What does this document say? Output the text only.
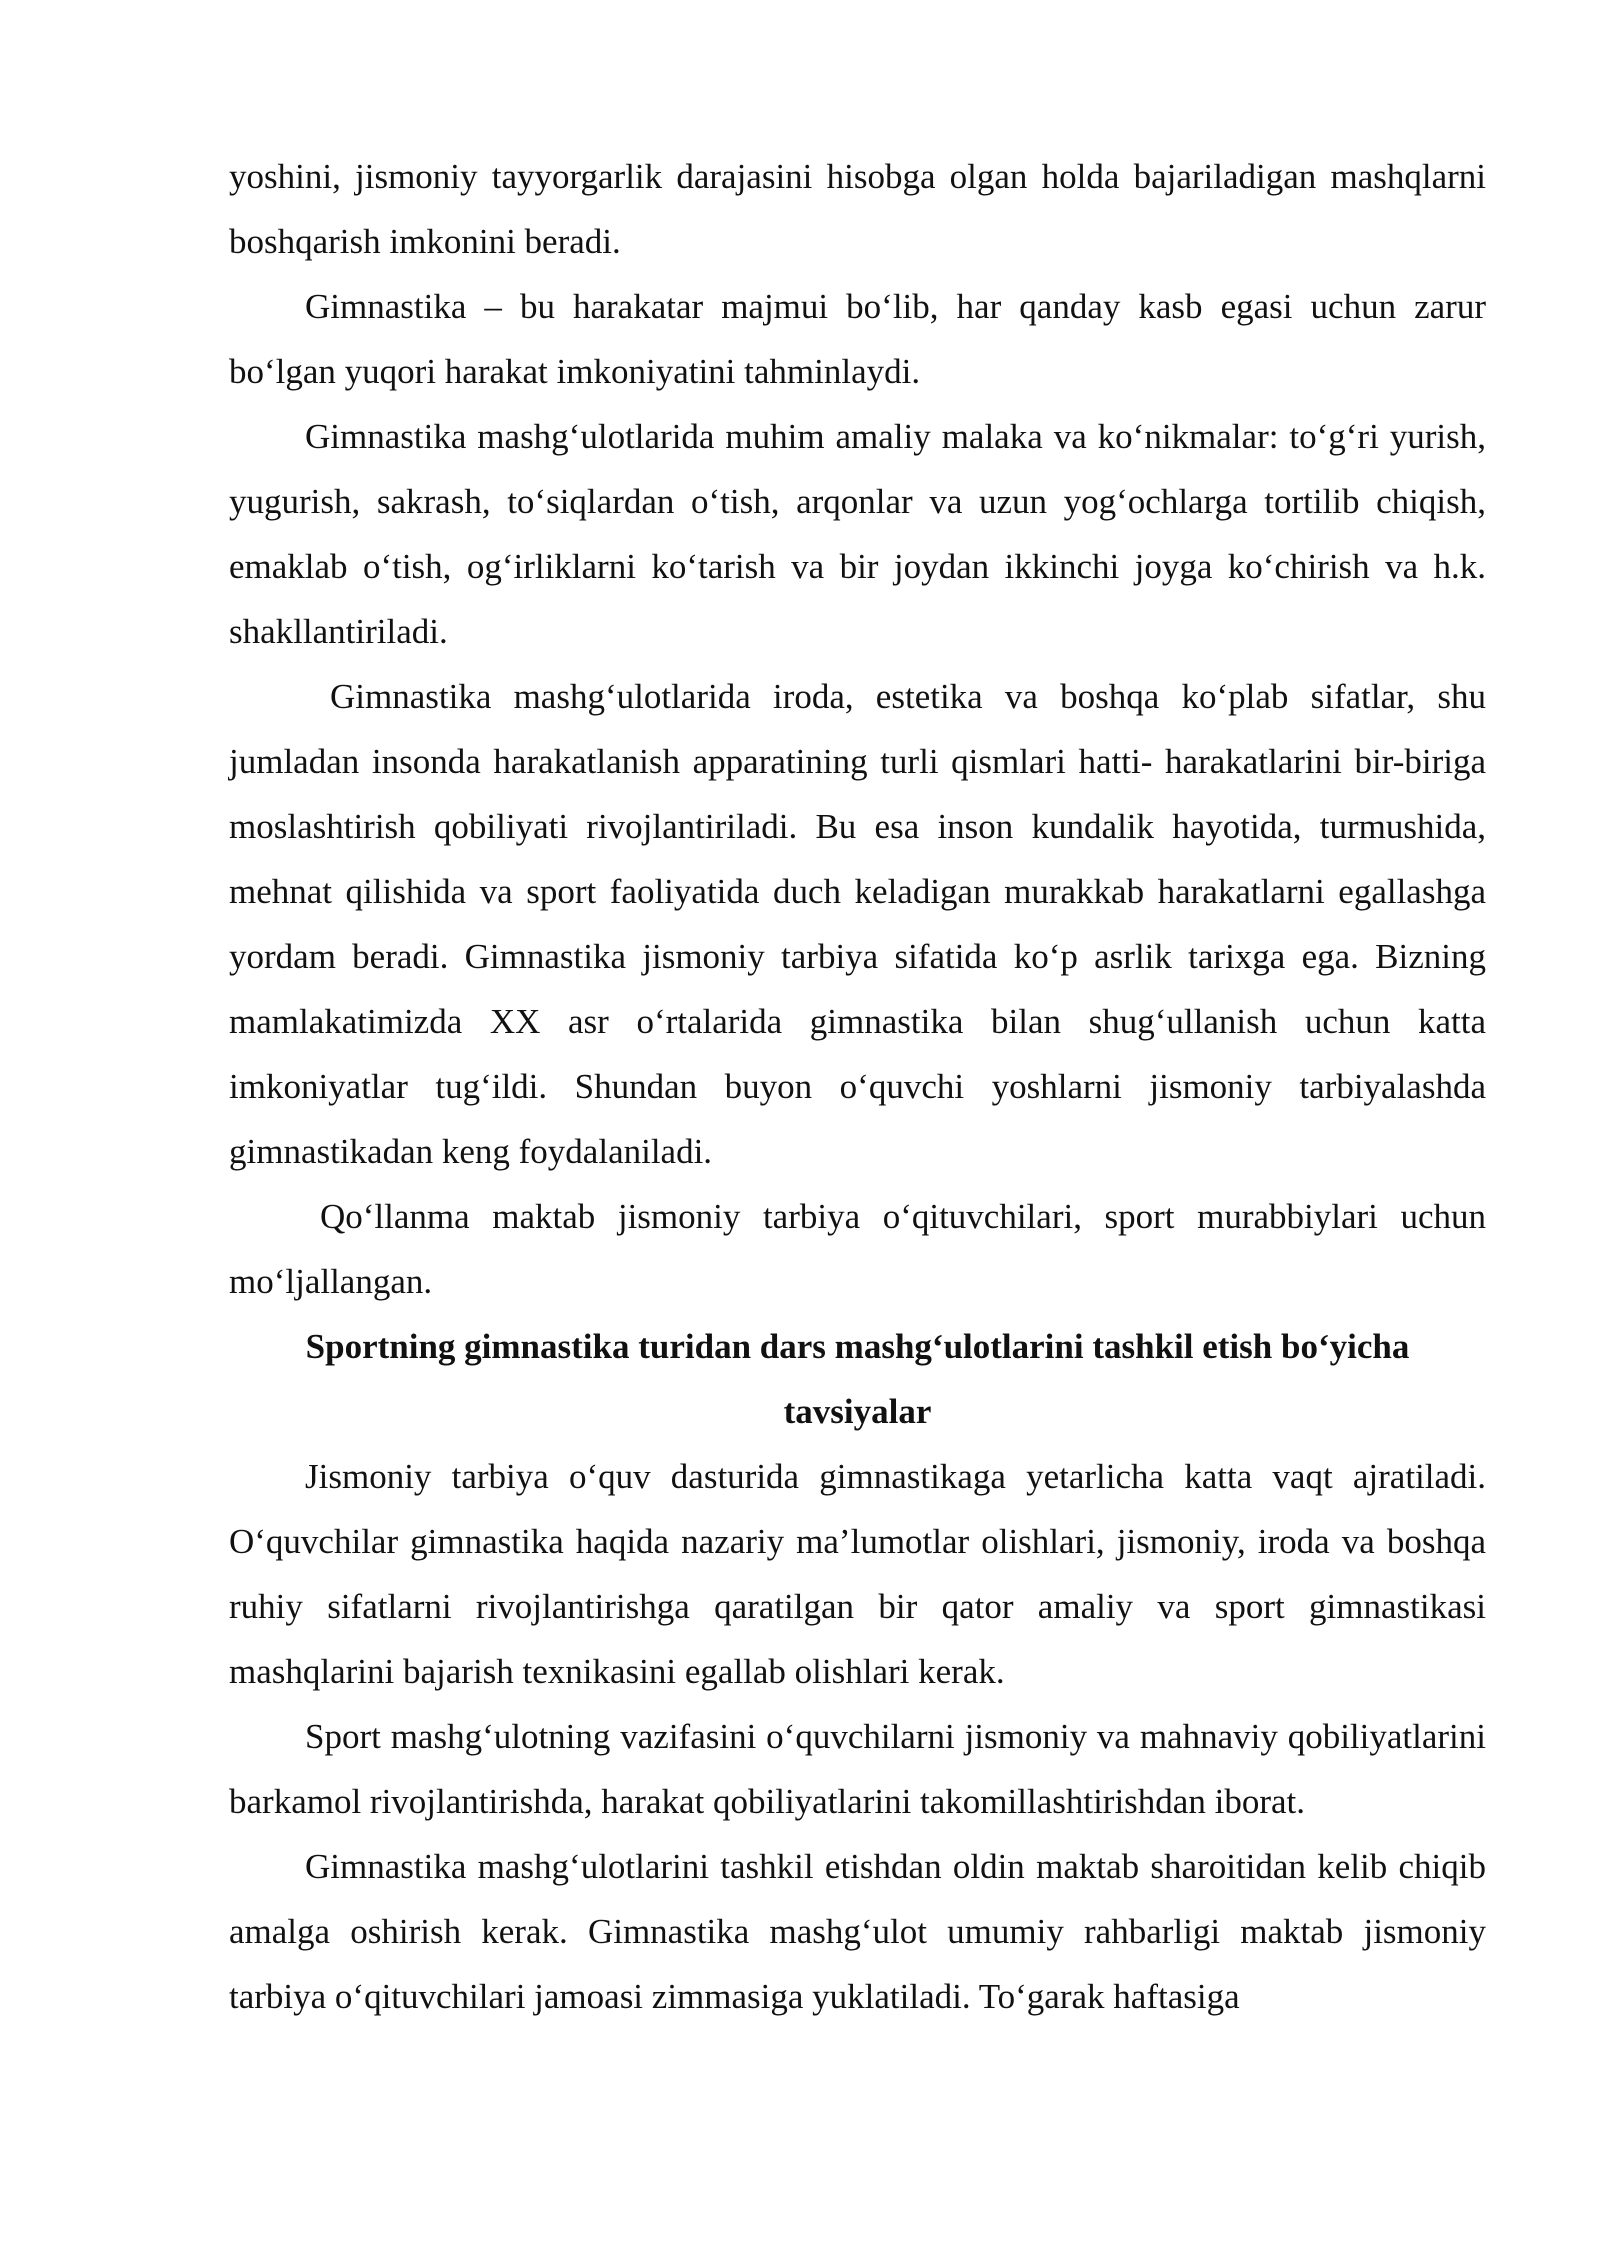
yoshini, jismoniy tayyorgarlik darajasini hisobga olgan holda bajariladigan mashqlarni boshqarish imkonini beradi.

Gimnastika – bu harakatar majmui bo‘lib, har qanday kasb egasi uchun zarur bo‘lgan yuqori harakat imkoniyatini tahminlaydi.

Gimnastika mashg‘ulotlarida muhim amaliy malaka va ko‘nikmalar: to‘g‘ri yurish, yugurish, sakrash, to‘siqlardan o‘tish, arqonlar va uzun yog‘ochlarga tortilib chiqish, emaklab o‘tish, og‘irliklarni ko‘tarish va bir joydan ikkinchi joyga ko‘chirish va h.k. shakllantiriladi.

Gimnastika mashg‘ulotlarida iroda, estetika va boshqa ko‘plab sifatlar, shu jumladan insonda harakatlanish apparatining turli qismlari hatti- harakatlarini bir-biriga moslashtirish qobiliyati rivojlantiriladi. Bu esa inson kundalik hayotida, turmushida, mehnat qilishida va sport faoliyatida duch keladigan murakkab harakatlarni egallashga yordam beradi. Gimnastika jismoniy tarbiya sifatida ko‘p asrlik tarixga ega. Bizning mamlakatimizda XX asr o‘rtalarida gimnastika bilan shug‘ullanish uchun katta imkoniyatlar tug‘ildi. Shundan buyon o‘quvchi yoshlarni jismoniy tarbiyalashda gimnastikadan keng foydalaniladi.

Qo‘llanma maktab jismoniy tarbiya o‘qituvchilari, sport murabbiylari uchun mo‘ljallangan.

Sportning gimnastika turidan dars mashg‘ulotlarini tashkil etish bo‘yicha tavsiyalar

Jismoniy tarbiya o‘quv dasturida gimnastikaga yetarlicha katta vaqt ajratiladi. O‘quvchilar gimnastika haqida nazariy ma’lumotlar olishlari, jismoniy, iroda va boshqa ruhiy sifatlarni rivojlantirishga qaratilgan bir qator amaliy va sport gimnastikasi mashqlarini bajarish texnikasini egallab olishlari kerak.

Sport mashg‘ulotning vazifasini o‘quvchilarni jismoniy va mahnaviy qobiliyatlarini barkamol rivojlantirishda, harakat qobiliyatlarini takomillashtirishdan iborat.

Gimnastika mashg‘ulotlarini tashkil etishdan oldin maktab sharoitidan kelib chiqib amalga oshirish kerak. Gimnastika mashg‘ulot umumiy rahbarligi maktab jismoniy tarbiya o‘qituvchilari jamoasi zimmasiga yuklatiladi. To‘garak haftasiga
